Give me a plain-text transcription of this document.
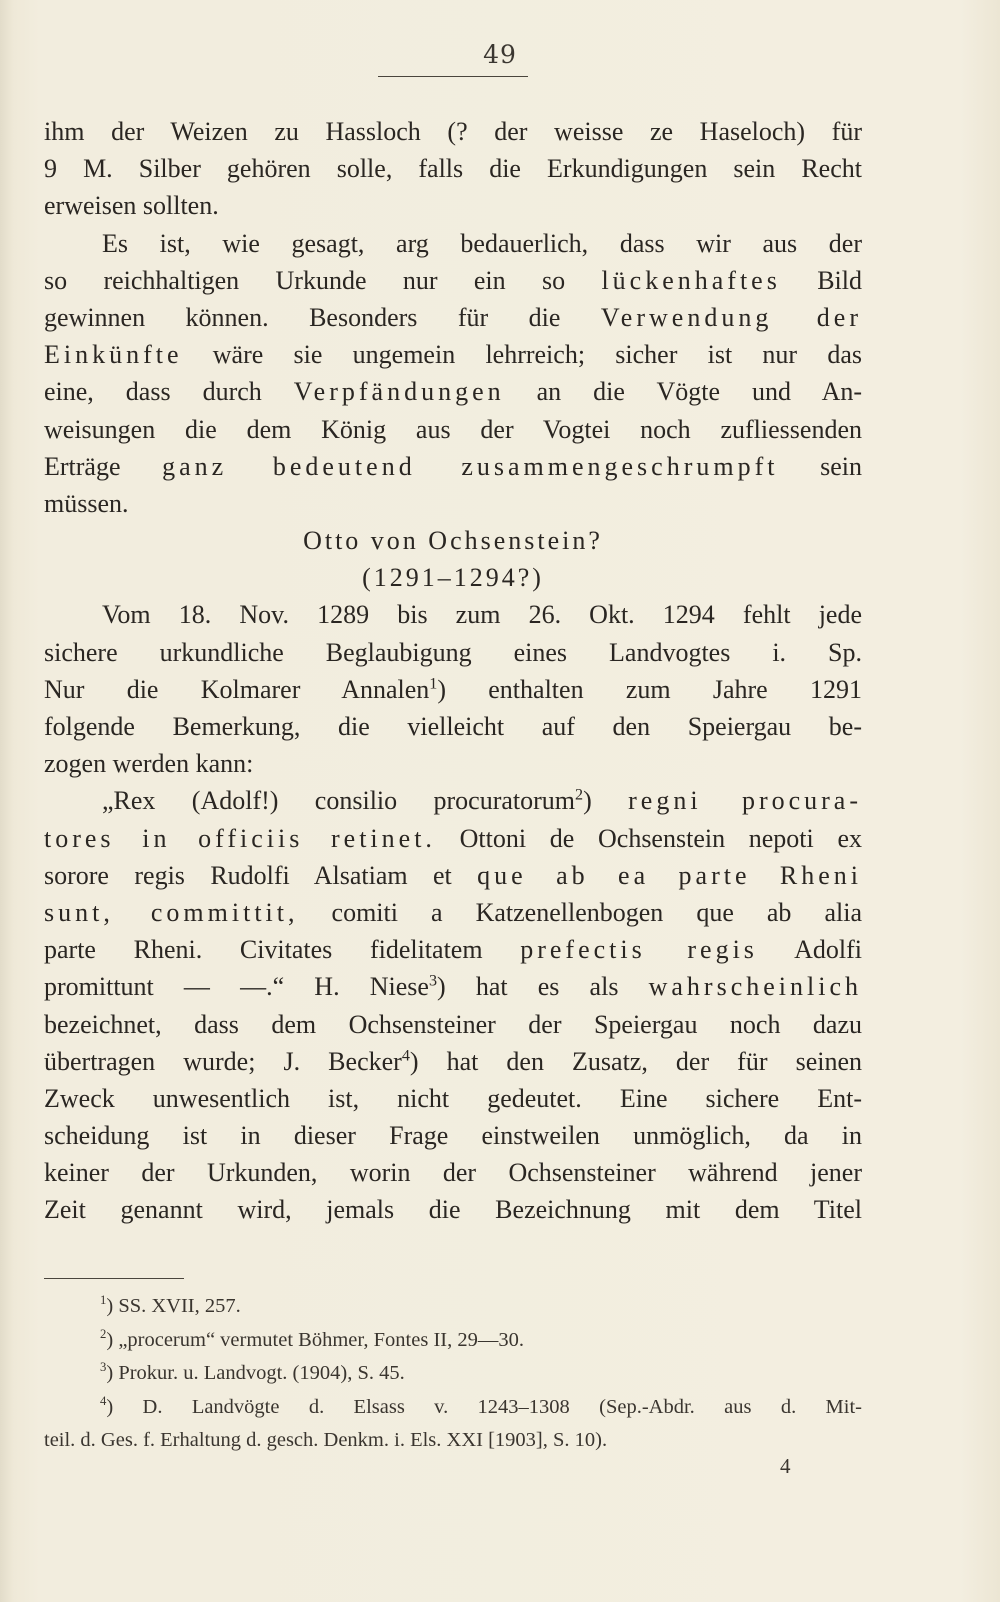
49
ihm der Weizen zu Hassloch (? der weisse ze Haseloch) für
9 M. Silber gehören solle, falls die Erkundigungen sein Recht
erweisen sollten.
Es ist, wie gesagt, arg bedauerlich, dass wir aus der
so reichhaltigen Urkunde nur ein so lückenhaftes Bild
gewinnen können. Besonders für die Verwendung der
Einkünfte wäre sie ungemein lehrreich; sicher ist nur das
eine, dass durch Verpfändungen an die Vögte und An-
weisungen die dem König aus der Vogtei noch zufliessenden
Erträge ganz bedeutend zusammengeschrumpft sein
müssen.
Otto von Ochsenstein?
(1291–1294?)
Vom 18. Nov. 1289 bis zum 26. Okt. 1294 fehlt jede
sichere urkundliche Beglaubigung eines Landvogtes i. Sp.
Nur die Kolmarer Annalen$^1$) enthalten zum Jahre 1291
folgende Bemerkung, die vielleicht auf den Speiergau be-
zogen werden kann:
„Rex (Adolf!) consilio procuratorum$^2$) regni procura-
tores in officiis retinet. Ottoni de Ochsenstein nepoti ex
sorore regis Rudolfi Alsatiam et que ab ea parte Rheni
sunt, committit, comiti a Katzenellenbogen que ab alia
parte Rheni. Civitates fidelitatem prefectis regis Adolfi
promittunt — —.“ H. Niese$^3$) hat es als wahrscheinlich
bezeichnet, dass dem Ochsensteiner der Speiergau noch dazu
übertragen wurde; J. Becker$^4$) hat den Zusatz, der für seinen
Zweck unwesentlich ist, nicht gedeutet. Eine sichere Ent-
scheidung ist in dieser Frage einstweilen unmöglich, da in
keiner der Urkunden, worin der Ochsensteiner während jener
Zeit genannt wird, jemals die Bezeichnung mit dem Titel
$^1$) SS. XVII, 257.
$^2$) „procerum“ vermutet Böhmer, Fontes II, 29—30.
$^3$) Prokur. u. Landvogt. (1904), S. 45.
$^4$) D. Landvögte d. Elsass v. 1243–1308 (Sep.-Abdr. aus d. Mit-
teil. d. Ges. f. Erhaltung d. gesch. Denkm. i. Els. XXI [1903], S. 10).
4
